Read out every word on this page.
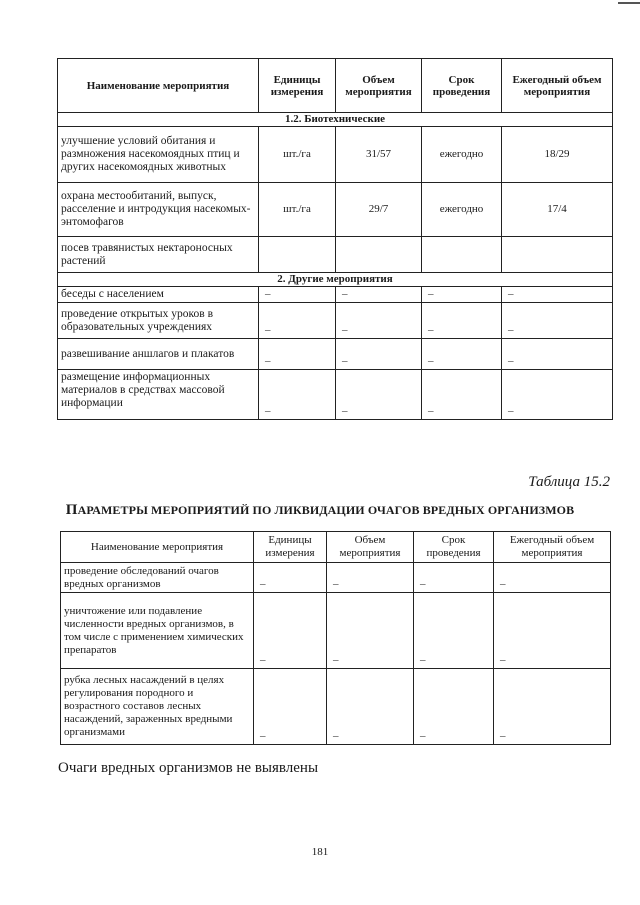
Наименование мероприятия	Единицы измерения	Объем мероприятия	Срок проведения	Ежегодный объем мероприятия
1.2. Биотехнические				
улучшение условий обитания и размножения насекомоядных птиц и других насекомоядных животных	шт./га	31/57	ежегодно	18/29
охрана местообитаний, выпуск, расселение и интродукция насекомых-энтомофагов	шт./га	29/7	ежегодно	17/4
посев травянистых нектароносных растений				
2. Другие мероприятия				
беседы с населением	–	–	–	–
проведение открытых уроков в образовательных учреждениях	–	–	–	–
развешивание аншлагов и плакатов	–	–	–	–
размещение информационных материалов в средствах массовой информации	–	–	–	–
Таблица 15.2
ПАРАМЕТРЫ МЕРОПРИЯТИЙ ПО ЛИКВИДАЦИИ ОЧАГОВ ВРЕДНЫХ ОРГАНИЗМОВ
Наименование мероприятия	Единицы измерения	Объем мероприятия	Срок проведения	Ежегодный объем мероприятия
проведение обследований очагов вредных организмов	–	–	–	–
уничтожение или подавление численности вредных организмов, в том числе с применением химических препаратов	–	–	–	–
рубка лесных насаждений в целях регулирования породного и возрастного составов лесных насаждений, зараженных вредными организмами	–	–	–	–
Очаги вредных организмов не выявлены
181
